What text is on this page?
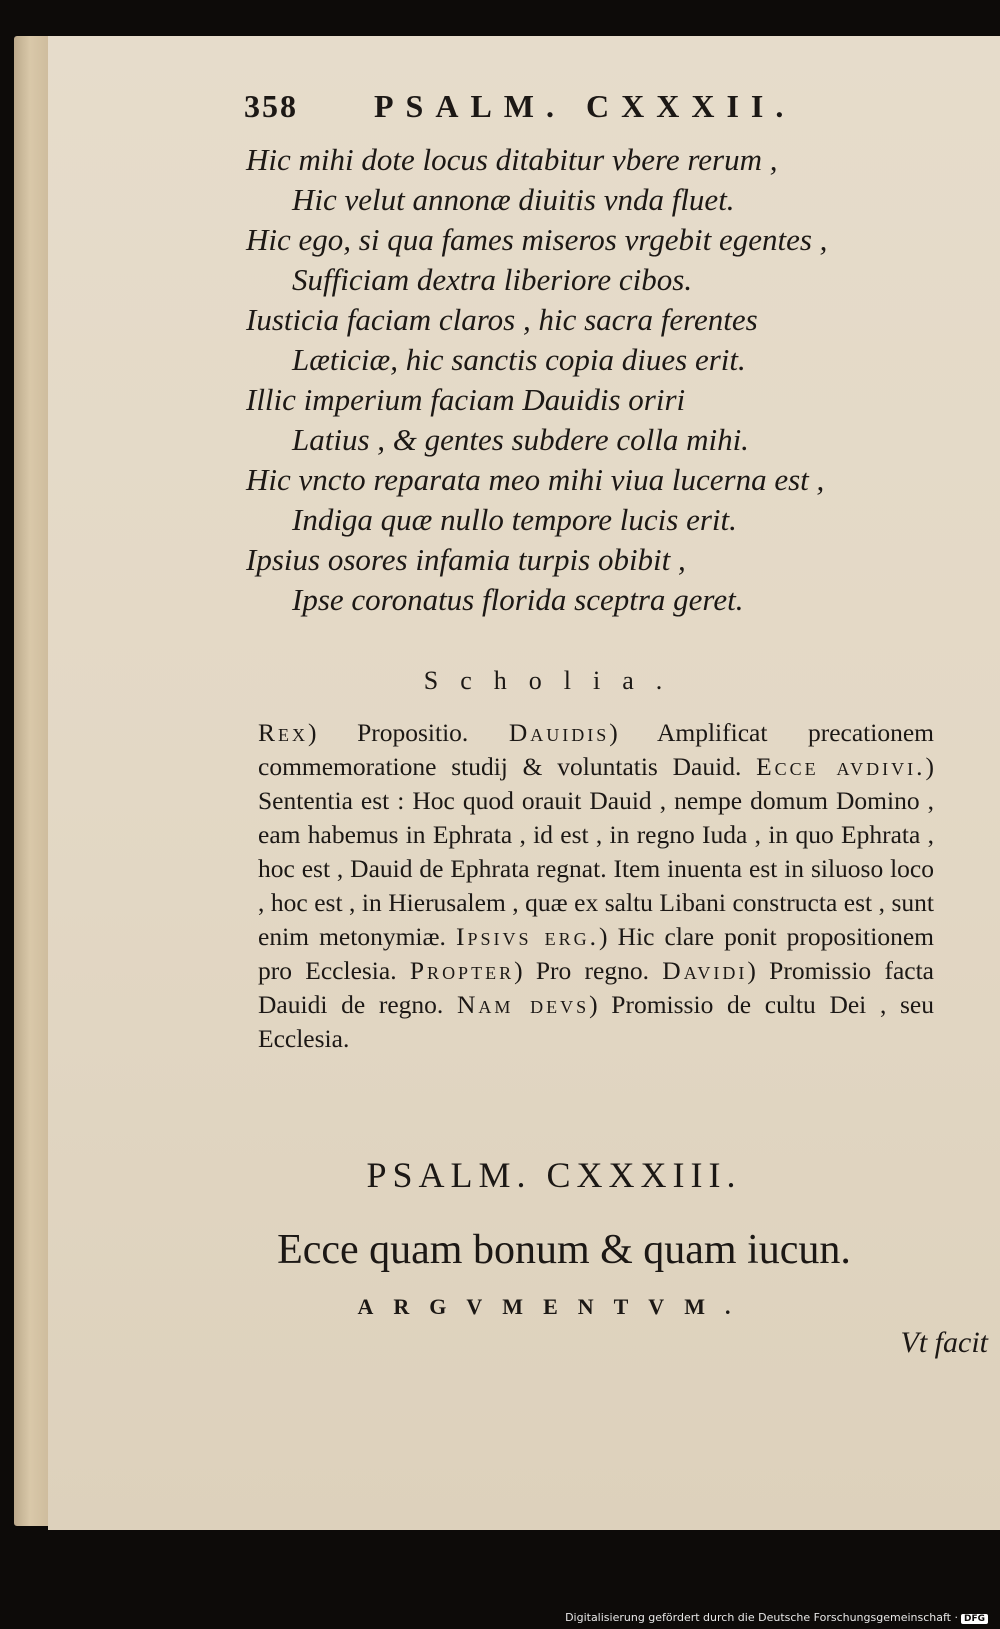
358 PSALM. CXXXII.
Hic mihi dote locus ditabitur vbere rerum ,
Hic velut annonæ diuitis vnda fluet.
Hic ego, si qua fames miseros vrgebit egentes ,
Sufficiam dextra liberiore cibos.
Iusticia faciam claros , hic sacra ferentes
Læticiæ, hic sanctis copia diues erit.
Illic imperium faciam Dauidis oriri
Latius , & gentes subdere colla mihi.
Hic vncto reparata meo mihi viua lucerna est ,
Indiga quæ nullo tempore lucis erit.
Ipsius osores infamia turpis obibit ,
Ipse coronatus florida sceptra geret.
Scholia.
Rex) Propositio. Dauidis) Amplificat precationem commemoratione studij & voluntatis Dauid. Ecce avdivi.) Sententia est : Hoc quod orauit Dauid , nempe domum Domino , eam habemus in Ephrata , id est , in regno Iuda , in quo Ephrata , hoc est , Dauid de Ephrata regnat. Item inuenta est in siluoso loco , hoc est , in Hierusalem , quæ ex saltu Libani constructa est , sunt enim metonymiæ. Ipsivs erg.) Hic clare ponit propositionem pro Ecclesia. Propter) Pro regno. Davidi) Promissio facta Dauidi de regno. Nam devs) Promissio de cultu Dei , seu Ecclesia.
PSALM. CXXXIII.
Ecce quam bonum & quam iucun.
ARGVMENTVM.
Vt facit
Digitalisierung gefördert durch die Deutsche Forschungsgemeinschaft · DFG
